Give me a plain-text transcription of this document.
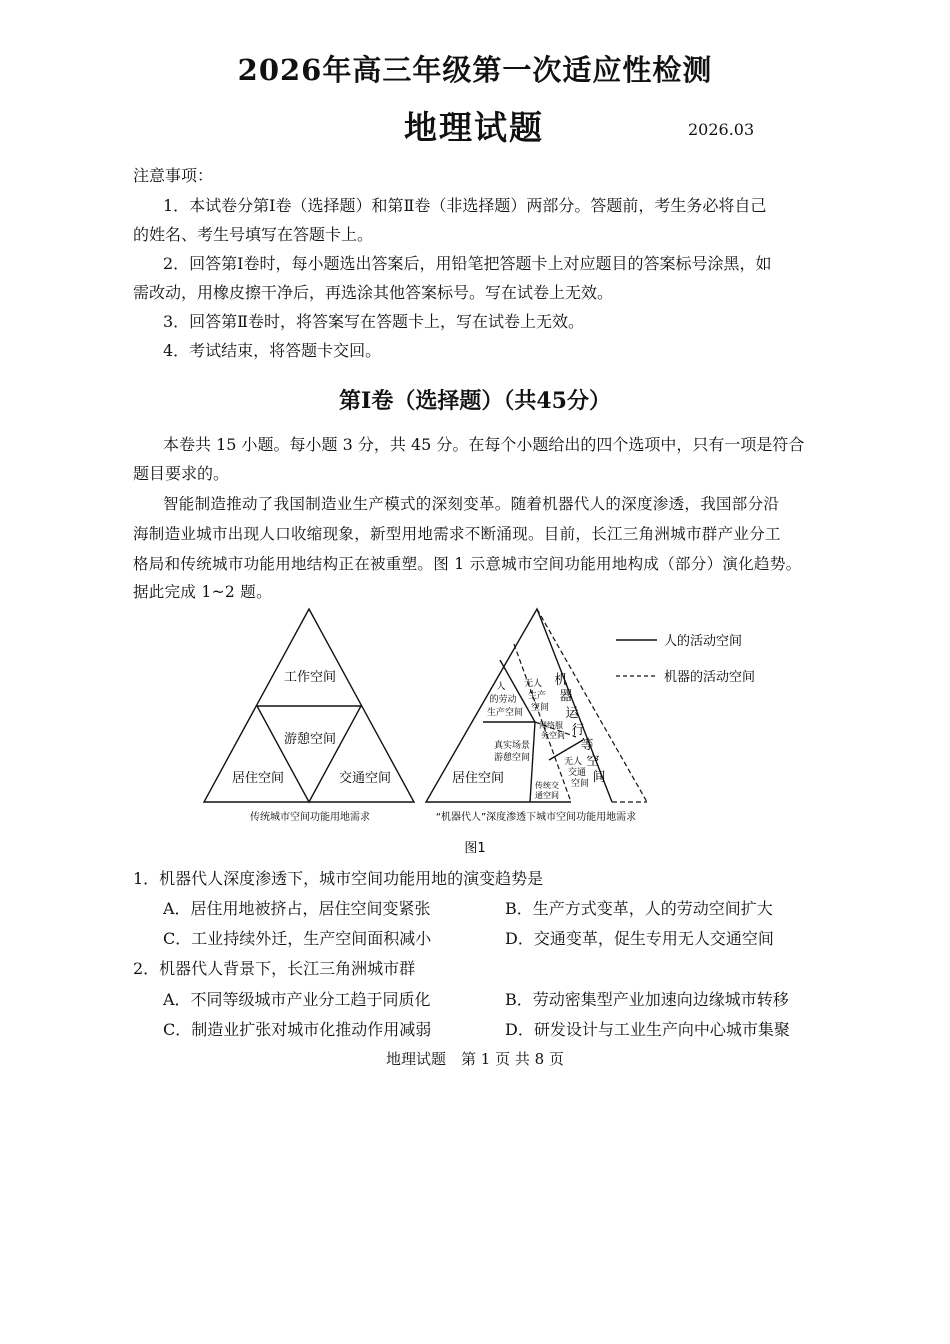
2026年高三年级第一次适应性检测
地理试题	2026.03
注意事项：
1．本试卷分第Ⅰ卷（选择题）和第Ⅱ卷（非选择题）两部分。答题前，考生务必将自己
的姓名、考生号填写在答题卡上。
2．回答第Ⅰ卷时，每小题选出答案后，用铅笔把答题卡上对应题目的答案标号涂黑，如
需改动，用橡皮擦干净后，再选涂其他答案标号。写在试卷上无效。
3．回答第Ⅱ卷时，将答案写在答题卡上，写在试卷上无效。
4．考试结束，将答题卡交回。
第Ⅰ卷（选择题）（共45分）
本卷共 15 小题。每小题 3 分，共 45 分。在每个小题给出的四个选项中，只有一项是符合
题目要求的。
智能制造推动了我国制造业生产模式的深刻变革。随着机器代人的深度渗透，我国部分沿
海制造业城市出现人口收缩现象，新型用地需求不断涌现。目前，长江三角洲城市群产业分工
格局和传统城市功能用地结构正在被重塑。图 1 示意城市空间功能用地构成（部分）演化趋势。
据此完成 1~2 题。
工作空间
游憩空间
居住空间	交通空间
传统城市空间功能用地需求
人
的劳动
生产空间
无人
生产
空间
网络服
务空间
真实场景
游憩空间
居住空间	传统交
通空间
无人
交通
空间
机
器
运
行
等
空
间
“机器代人”深度渗透下城市空间功能用地需求
人的活动空间
机器的活动空间
图1
1．机器代人深度渗透下，城市空间功能用地的演变趋势是
A．居住用地被挤占，居住空间变紧张	B．生产方式变革，人的劳动空间扩大
C．工业持续外迁，生产空间面积减小	D．交通变革，促生专用无人交通空间
2．机器代人背景下，长江三角洲城市群
A．不同等级城市产业分工趋于同质化	B．劳动密集型产业加速向边缘城市转移
C．制造业扩张对城市化推动作用减弱	D．研发设计与工业生产向中心城市集聚
地理试题　第 1 页 共 8 页
